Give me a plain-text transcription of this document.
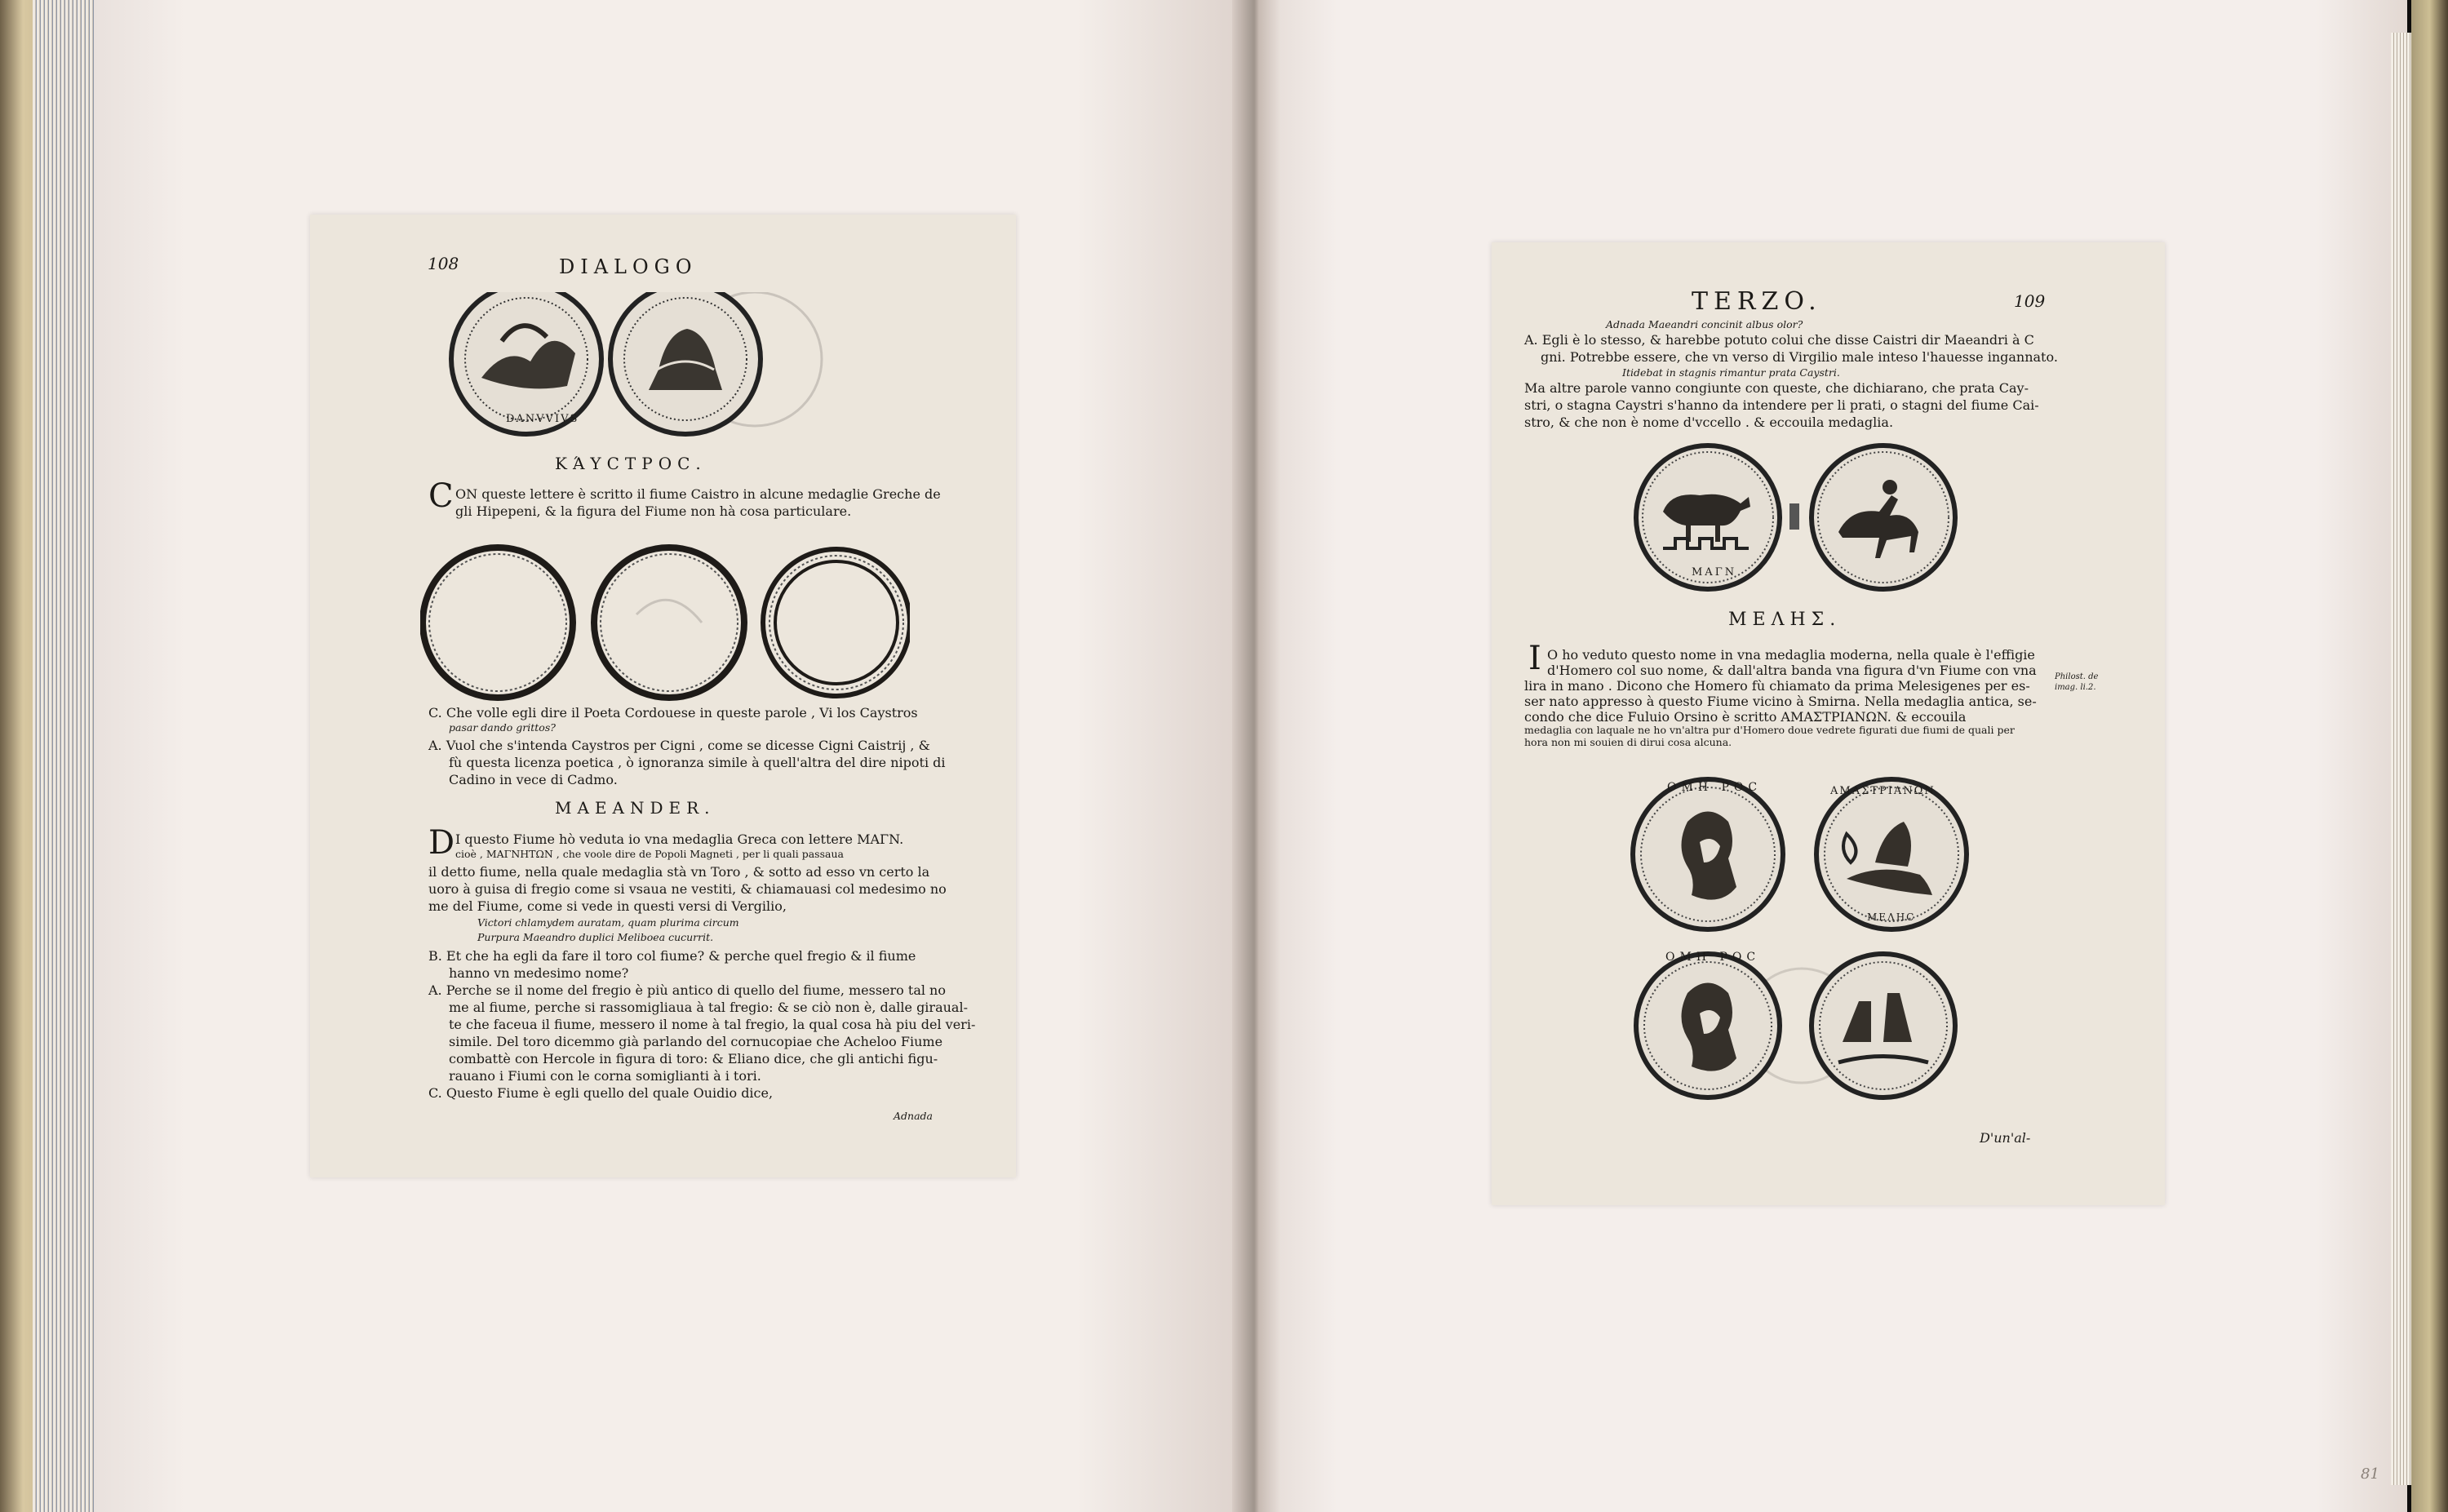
81
108	DIALOGO
DANVVIVS
ΚΆΥСΤΡΟС.
C ON queste lettere è scritto il fiume Caistro in alcune medaglie Greche de
gli Hipepeni, & la figura del Fiume non hà cosa particulare.
C. Che volle egli dire il Poeta Cordouese in queste parole , Vi los Caystros
pasar dando grittos?
A. Vuol che s'intenda Caystros per Cigni , come se dicesse Cigni Caistrij , &
fù questa licenza poetica , ò ignoranza simile à quell'altra del dire nipoti di
Cadino in vece di Cadmo.
MAEANDER.
D I questo Fiume hò veduta io vna medaglia Greca con lettere MAΓN.
cioè , MAΓNHTΩN , che voole dire de Popoli Magneti , per li quali passaua
il detto fiume, nella quale medaglia stà vn Toro , & sotto ad esso vn certo la
uoro à guisa di fregio come si vsaua ne vestiti, & chiamauasi col medesimo no
me del Fiume, come si vede in questi versi di Vergilio,
Victori chlamydem auratam, quam plurima circum
Purpura Maeandro duplici Meliboea cucurrit.
B. Et che ha egli da fare il toro col fiume? & perche quel fregio & il fiume
hanno vn medesimo nome?
A. Perche se il nome del fregio è più antico di quello del fiume, messero tal no
me al fiume, perche si rassomigliaua à tal fregio: & se ciò non è, dalle giraual-
te che faceua il fiume, messero il nome à tal fregio, la qual cosa hà piu del veri-
simile. Del toro dicemmo già parlando del cornucopiae che Acheloo Fiume
combattè con Hercole in figura di toro: & Eliano dice, che gli antichi figu-
rauano i Fiumi con le corna somiglianti à i tori.
C. Questo Fiume è egli quello del quale Ouidio dice,
Adnada
TERZO.	109
Adnada Maeandri concinit albus olor?
A. Egli è lo stesso, & harebbe potuto colui che disse Caistri dir Maeandri à C
gni. Potrebbe essere, che vn verso di Virgilio male inteso l'hauesse ingannato.
Itidebat in stagnis rimantur prata Caystri.
Ma altre parole vanno congiunte con queste, che dichiarano, che prata Cay-
stri, o stagna Caystri s'hanno da intendere per li prati, o stagni del fiume Cai-
stro, & che non è nome d'vccello . & eccouila medaglia.
MAΓN
ΜΕΛΗΣ.
I O ho veduto questo nome in vna medaglia moderna, nella quale è l'effigie
d'Homero col suo nome, & dall'altra banda vna figura d'vn Fiume con vna
lira in mano . Dicono che Homero fù chiamato da prima Melesigenes per es-
ser nato appresso à questo Fiume vicino à Smirna. Nella medaglia antica, se-
condo che dice Fuluio Orsino è scritto AMAΣTPIANΩN. & eccouila
medaglia con laquale ne ho vn'altra pur d'Homero doue vedrete figurati due fiumi de quali per
hora non mi souien di dirui cosa alcuna.
Philost. de
imag. li.2.
OMH POC	AMAΣTPIANΩN
MEΛHC
OMH POC
D'un'al-
